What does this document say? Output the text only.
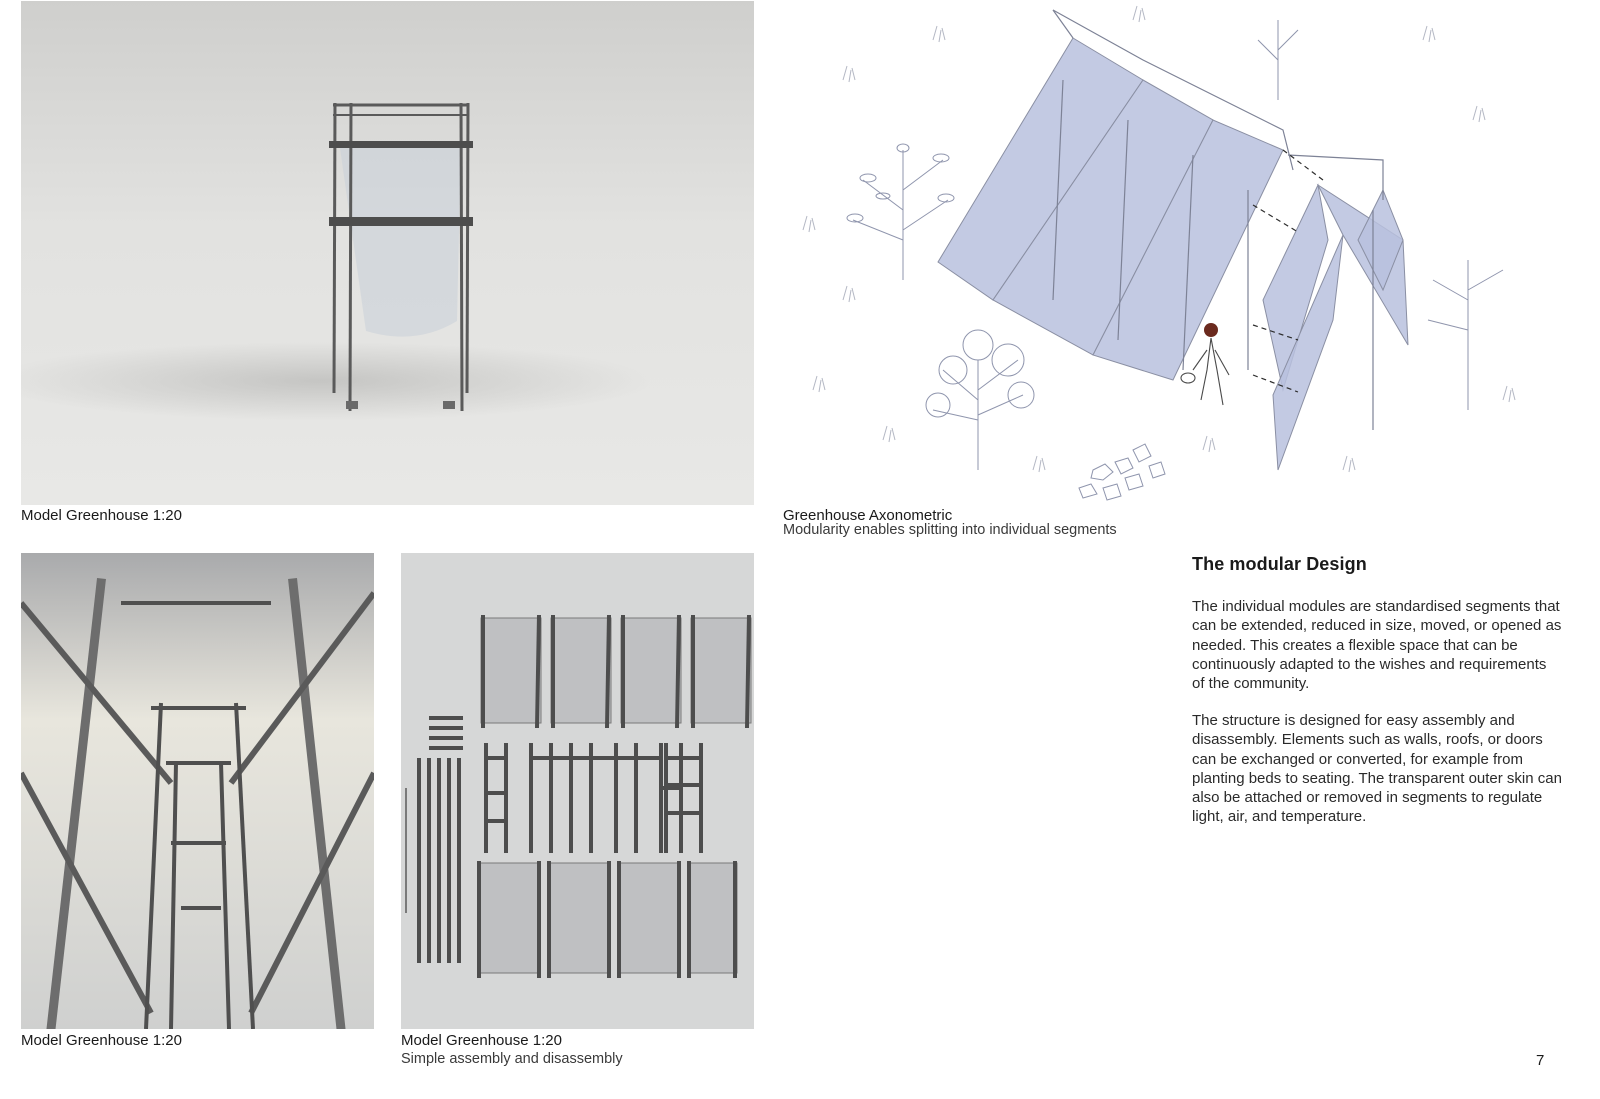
Model Greenhouse 1:20	Greenhouse Axonometric
Modularity enables splitting into individual segments
Model Greenhouse 1:20	Model Greenhouse 1:20
Simple assembly and disassembly
The modular Design
The individual modules are standardised segments that can be extended, reduced in size, moved, or opened as needed. This creates a flexible space that can be continuously adapted to the wishes and requirements of the community.
The structure is designed for easy assembly and disassembly. Elements such as walls, roofs, or doors can be exchanged or converted, for example from planting beds to seating. The transparent outer skin can also be attached or removed in segments to regulate light, air, and temperature.
7
